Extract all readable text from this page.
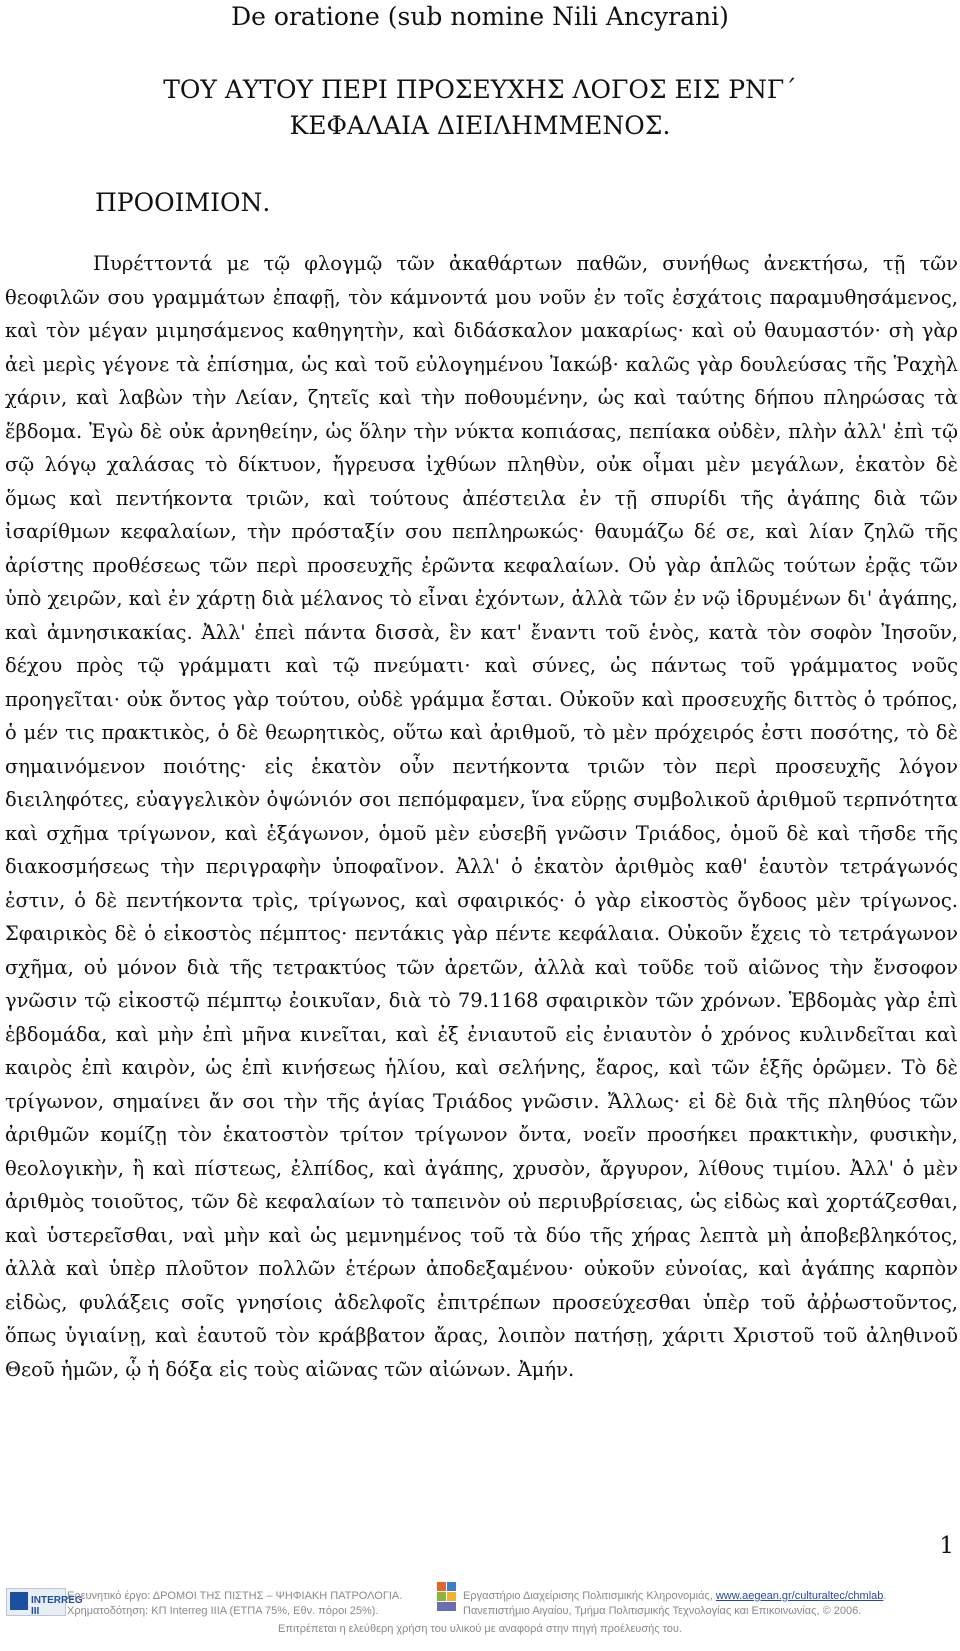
De oratione (sub nomine Nili Ancyrani)
ΤΟΥ ΑΥΤΟΥ ΠΕΡΙ ΠΡΟΣΕΥΧΗΣ ΛΟΓΟΣ ΕΙΣ ΡΝΓ΄ ΚΕΦΑΛΑΙΑ ΔΙΕΙΛΗΜΜΕΝΟΣ.
ΠΡΟΟΙΜΙΟΝ.

Πυρέττοντά με τῷ φλογμῷ τῶν ἀκαθάρτων παθῶν, συνήθως ἀνεκτήσω, τῇ τῶν θεοφιλῶν σου γραμμάτων ἐπαφῇ, τὸν κάμνοντά μου νοῦν ἐν τοῖς ἐσχάτοις παραμυθησάμενος, καὶ τὸν μέγαν μιμησάμενος καθηγητὴν, καὶ διδάσκαλον μακαρίως· καὶ οὐ θαυμαστόν· σὴ γὰρ ἀεὶ μερὶς γέγονε τὰ ἐπίσημα, ὡς καὶ τοῦ εὐλογημένου Ἰακώβ· καλῶς γὰρ δουλεύσας τῆς Ῥαχὴλ χάριν, καὶ λαβὼν τὴν Λείαν, ζητεῖς καὶ τὴν ποθουμένην, ὡς καὶ ταύτης δήπου πληρώσας τὰ ἕβδομα. Ἐγὼ δὲ οὐκ ἀρνηθείην, ὡς ὅλην τὴν νύκτα κοπιάσας, πεπίακα οὐδὲν, πλὴν ἀλλ' ἐπὶ τῷ σῷ λόγῳ χαλάσας τὸ δίκτυον, ἤγρευσα ἰχθύων πληθὺν, οὐκ οἶμαι μὲν μεγάλων, ἑκατὸν δὲ ὅμως καὶ πεντήκοντα τριῶν, καὶ τούτους ἀπέστειλα ἐν τῇ σπυρίδι τῆς ἀγάπης διὰ τῶν ἰσαρίθμων κεφαλαίων, τὴν πρόσταξίν σου πεπληρωκώς· θαυμάζω δέ σε, καὶ λίαν ζηλῶ τῆς ἀρίστης προθέσεως τῶν περὶ προσευχῆς ἐρῶντα κεφαλαίων. Οὐ γὰρ ἁπλῶς τούτων ἐρᾷς τῶν ὑπὸ χειρῶν, καὶ ἐν χάρτῃ διὰ μέλανος τὸ εἶναι ἐχόντων, ἀλλὰ τῶν ἐν νῷ ἱδρυμένων δι' ἀγάπης, καὶ ἀμνησικακίας. Ἀλλ' ἐπεὶ πάντα δισσὰ, ἓν κατ' ἔναντι τοῦ ἑνὸς, κατὰ τὸν σοφὸν Ἰησοῦν, δέχου πρὸς τῷ γράμματι καὶ τῷ πνεύματι· καὶ σύνες, ὡς πάντως τοῦ γράμματος νοῦς προηγεῖται· οὐκ ὄντος γὰρ τούτου, οὐδὲ γράμμα ἔσται. Οὐκοῦν καὶ προσευχῆς διττὸς ὁ τρόπος, ὁ μέν τις πρακτικὸς, ὁ δὲ θεωρητικὸς, οὕτω καὶ ἀριθμοῦ, τὸ μὲν πρόχειρός ἐστι ποσότης, τὸ δὲ σημαινόμενον ποιότης· εἰς ἑκατὸν οὖν πεντήκοντα τριῶν τὸν περὶ προσευχῆς λόγον διειληφότες, εὐαγγελικὸν ὀψώνιόν σοι πεπόμφαμεν, ἵνα εὕρῃς συμβολικοῦ ἀριθμοῦ τερπνότητα καὶ σχῆμα τρίγωνον, καὶ ἑξάγωνον, ὁμοῦ μὲν εὐσεβῆ γνῶσιν Τριάδος, ὁμοῦ δὲ καὶ τῆσδε τῆς διακοσμήσεως τὴν περιγραφὴν ὑποφαῖνον. Ἀλλ' ὁ ἑκατὸν ἀριθμὸς καθ' ἑαυτὸν τετράγωνός ἐστιν, ὁ δὲ πεντήκοντα τρὶς, τρίγωνος, καὶ σφαιρικός· ὁ γὰρ εἰκοστὸς ὄγδοος μὲν τρίγωνος. Σφαιρικὸς δὲ ὁ εἰκοστὸς πέμπτος· πεντάκις γὰρ πέντε κεφάλαια. Οὐκοῦν ἔχεις τὸ τετράγωνον σχῆμα, οὐ μόνον διὰ τῆς τετρακτύος τῶν ἀρετῶν, ἀλλὰ καὶ τοῦδε τοῦ αἰῶνος τὴν ἔνσοφον γνῶσιν τῷ εἰκοστῷ πέμπτῳ ἐοικυῖαν, διὰ τὸ 79.1168 σφαιρικὸν τῶν χρόνων. Ἑβδομὰς γὰρ ἐπὶ ἑβδομάδα, καὶ μὴν ἐπὶ μῆνα κινεῖται, καὶ ἐξ ἐνιαυτοῦ εἰς ἐνιαυτὸν ὁ χρόνος κυλινδεῖται καὶ καιρὸς ἐπὶ καιρὸν, ὡς ἐπὶ κινήσεως ἡλίου, καὶ σελήνης, ἔαρος, καὶ τῶν ἑξῆς ὁρῶμεν. Τὸ δὲ τρίγωνον, σημαίνει ἄν σοι τὴν τῆς ἁγίας Τριάδος γνῶσιν. Ἄλλως· εἰ δὲ διὰ τῆς πληθύος τῶν ἀριθμῶν κομίζῃ τὸν ἑκατοστὸν τρίτον τρίγωνον ὄντα, νοεῖν προσήκει πρακτικὴν, φυσικὴν, θεολογικὴν, ἢ καὶ πίστεως, ἐλπίδος, καὶ ἀγάπης, χρυσὸν, ἄργυρον, λίθους τιμίου. Ἀλλ' ὁ μὲν ἀριθμὸς τοιοῦτος, τῶν δὲ κεφαλαίων τὸ ταπεινὸν οὐ περιυβρίσειας, ὡς εἰδὼς καὶ χορτάζεσθαι, καὶ ὑστερεῖσθαι, ναὶ μὴν καὶ ὡς μεμνημένος τοῦ τὰ δύο τῆς χήρας λεπτὰ μὴ ἀποβεβληκότος, ἀλλὰ καὶ ὑπὲρ πλοῦτον πολλῶν ἑτέρων ἀποδεξαμένου· οὐκοῦν εὐνοίας, καὶ ἀγάπης καρπὸν εἰδὼς, φυλάξεις σοῖς γνησίοις ἀδελφοῖς ἐπιτρέπων προσεύχεσθαι ὑπὲρ τοῦ ἀῤῥωστοῦντος, ὅπως ὑγιαίνῃ, καὶ ἑαυτοῦ τὸν κράββατον ἄρας, λοιπὸν πατήσῃ, χάριτι Χριστοῦ τοῦ ἀληθινοῦ Θεοῦ ἡμῶν, ᾧ ἡ δόξα εἰς τοὺς αἰῶνας τῶν αἰώνων. Ἀμήν.

1
INTERREG III
Ερευνητικό έργο: ΔΡΟΜΟΙ ΤΗΣ ΠΙΣΤΗΣ – ΨΗΦΙΑΚΗ ΠΑΤΡΟΛΟΓΙΑ.
Χρηματοδότηση: ΚΠ Interreg IIIA (ΕΤΠΑ 75%, Εθν. πόροι 25%).
Εργαστήριο Διαχείρισης Πολιτισμικής Κληρονομιάς, www.aegean.gr/culturaltec/chmlab.
Πανεπιστήμιο Αιγαίου, Τμήμα Πολιτισμικής Τεχνολογίας και Επικοινωνίας, © 2006.
Επιτρέπεται η ελεύθερη χρήση του υλικού με αναφορά στην πηγή προέλευσής του.
